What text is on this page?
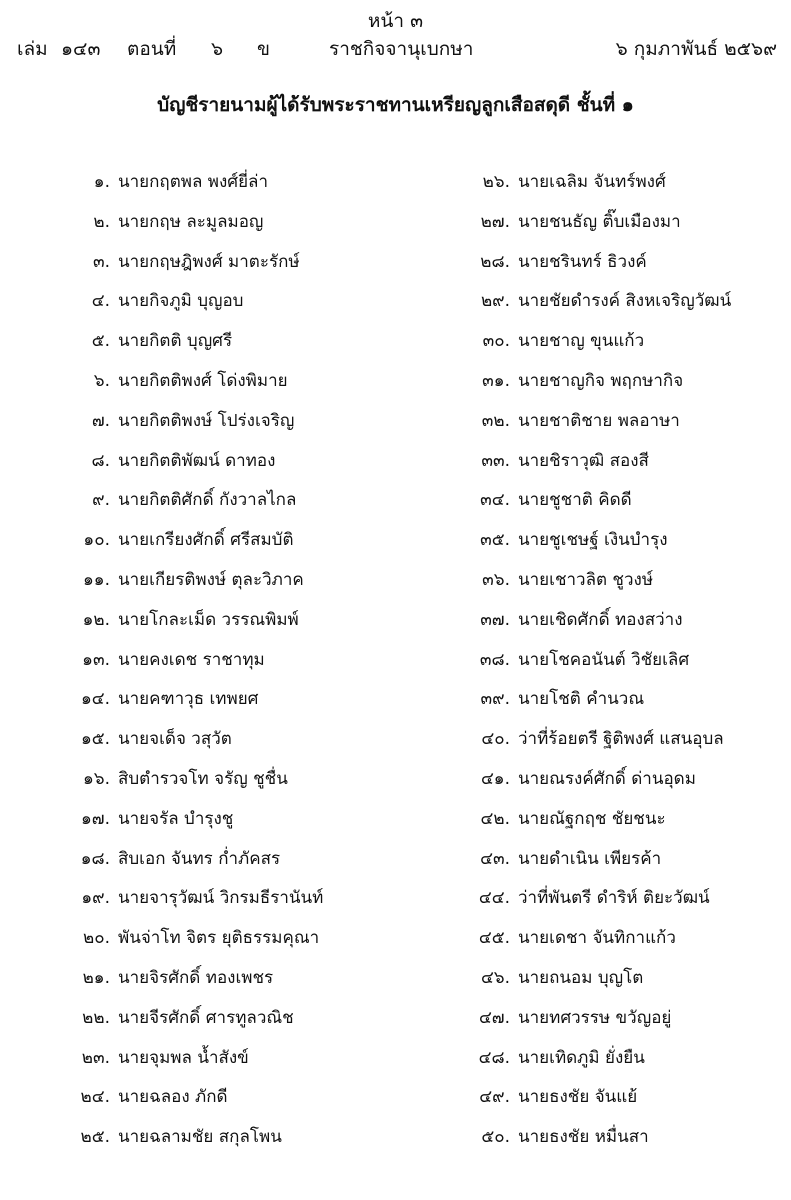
หน้า ๓
เล่ม ๑๔๓ ตอนที่ ๖ ข	ราชกิจจานุเบกษา	๖ กุมภาพันธ์ ๒๕๖๙
บัญชีรายนามผู้ได้รับพระราชทานเหรียญลูกเสือสดุดี ชั้นที่ ๑
๑. นายกฤตพล พงศ์ยี่ล่า
๒. นายกฤษ ละมูลมอญ
๓. นายกฤษฎิพงศ์ มาตะรักษ์
๔. นายกิจภูมิ บุญอบ
๕. นายกิตติ บุญศรี
๖. นายกิตติพงศ์ โด่งพิมาย
๗. นายกิตติพงษ์ โปร่งเจริญ
๘. นายกิตติพัฒน์ ดาทอง
๙. นายกิตติศักดิ์ กังวาลไกล
๑๐. นายเกรียงศักดิ์ ศรีสมบัติ
๑๑. นายเกียรติพงษ์ ตุละวิภาค
๑๒. นายโกละเม็ด วรรณพิมพ์
๑๓. นายคงเดช ราชาทุม
๑๔. นายคฑาวุธ เทพยศ
๑๕. นายจเด็จ วสุวัต
๑๖. สิบตำรวจโท จรัญ ชูชื่น
๑๗. นายจรัล บำรุงชู
๑๘. สิบเอก จันทร ก่ำภัคสร
๑๙. นายจารุวัฒน์ วิกรมธีรานันท์
๒๐. พันจ่าโท จิตร ยุติธรรมคุณา
๒๑. นายจิรศักดิ์ ทองเพชร
๒๒. นายจีรศักดิ์ ศารทูลวณิช
๒๓. นายจุมพล น้ำสังข์
๒๔. นายฉลอง ภักดี
๒๕. นายฉลามชัย สกุลโพน
๒๖. นายเฉลิม จันทร์พงศ์
๒๗. นายชนธัญ ติ๊บเมืองมา
๒๘. นายชรินทร์ ธิวงค์
๒๙. นายชัยดำรงค์ สิงหเจริญวัฒน์
๓๐. นายชาญ ขุนแก้ว
๓๑. นายชาญกิจ พฤกษากิจ
๓๒. นายชาติชาย พลอาษา
๓๓. นายชิราวุฒิ สองสี
๓๔. นายชูชาติ คิดดี
๓๕. นายชูเชษฐ์ เงินบำรุง
๓๖. นายเชาวลิต ชูวงษ์
๓๗. นายเชิดศักดิ์ ทองสว่าง
๓๘. นายโชคอนันต์ วิชัยเลิศ
๓๙. นายโชติ คำนวณ
๔๐. ว่าที่ร้อยตรี ฐิติพงศ์ แสนอุบล
๔๑. นายณรงค์ศักดิ์ ด่านอุดม
๔๒. นายณัฐกฤช ชัยชนะ
๔๓. นายดำเนิน เพียรค้า
๔๔. ว่าที่พันตรี ดำริห์ ติยะวัฒน์
๔๕. นายเดชา จันทิกาแก้ว
๔๖. นายถนอม บุญโต
๔๗. นายทศวรรษ ขวัญอยู่
๔๘. นายเทิดภูมิ ยั่งยืน
๔๙. นายธงชัย จันแย้
๕๐. นายธงชัย หมื่นสา
